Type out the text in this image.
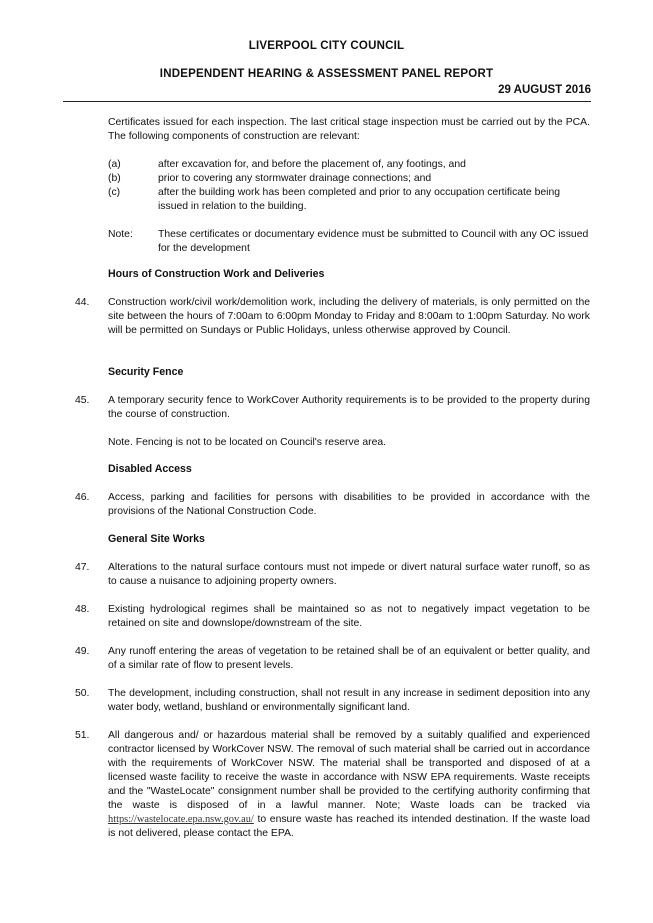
LIVERPOOL CITY COUNCIL
INDEPENDENT HEARING & ASSESSMENT PANEL REPORT
29 AUGUST 2016
Certificates issued for each inspection. The last critical stage inspection must be carried out by the PCA. The following components of construction are relevant:
(a)	after excavation for, and before the placement of, any footings, and
(b)	prior to covering any stormwater drainage connections; and
(c)	after the building work has been completed and prior to any occupation certificate being issued in relation to the building.
Note: These certificates or documentary evidence must be submitted to Council with any OC issued for the development
Hours of Construction Work and Deliveries
44. Construction work/civil work/demolition work, including the delivery of materials, is only permitted on the site between the hours of 7:00am to 6:00pm Monday to Friday and 8:00am to 1:00pm Saturday. No work will be permitted on Sundays or Public Holidays, unless otherwise approved by Council.
Security Fence
45. A temporary security fence to WorkCover Authority requirements is to be provided to the property during the course of construction.
Note. Fencing is not to be located on Council's reserve area.
Disabled Access
46. Access, parking and facilities for persons with disabilities to be provided in accordance with the provisions of the National Construction Code.
General Site Works
47. Alterations to the natural surface contours must not impede or divert natural surface water runoff, so as to cause a nuisance to adjoining property owners.
48. Existing hydrological regimes shall be maintained so as not to negatively impact vegetation to be retained on site and downslope/downstream of the site.
49. Any runoff entering the areas of vegetation to be retained shall be of an equivalent or better quality, and of a similar rate of flow to present levels.
50. The development, including construction, shall not result in any increase in sediment deposition into any water body, wetland, bushland or environmentally significant land.
51. All dangerous and/ or hazardous material shall be removed by a suitably qualified and experienced contractor licensed by WorkCover NSW. The removal of such material shall be carried out in accordance with the requirements of WorkCover NSW. The material shall be transported and disposed of at a licensed waste facility to receive the waste in accordance with NSW EPA requirements. Waste receipts and the "WasteLocate" consignment number shall be provided to the certifying authority confirming that the waste is disposed of in a lawful manner. Note; Waste loads can be tracked via https://wastelocate.epa.nsw.gov.au/ to ensure waste has reached its intended destination. If the waste load is not delivered, please contact the EPA.
